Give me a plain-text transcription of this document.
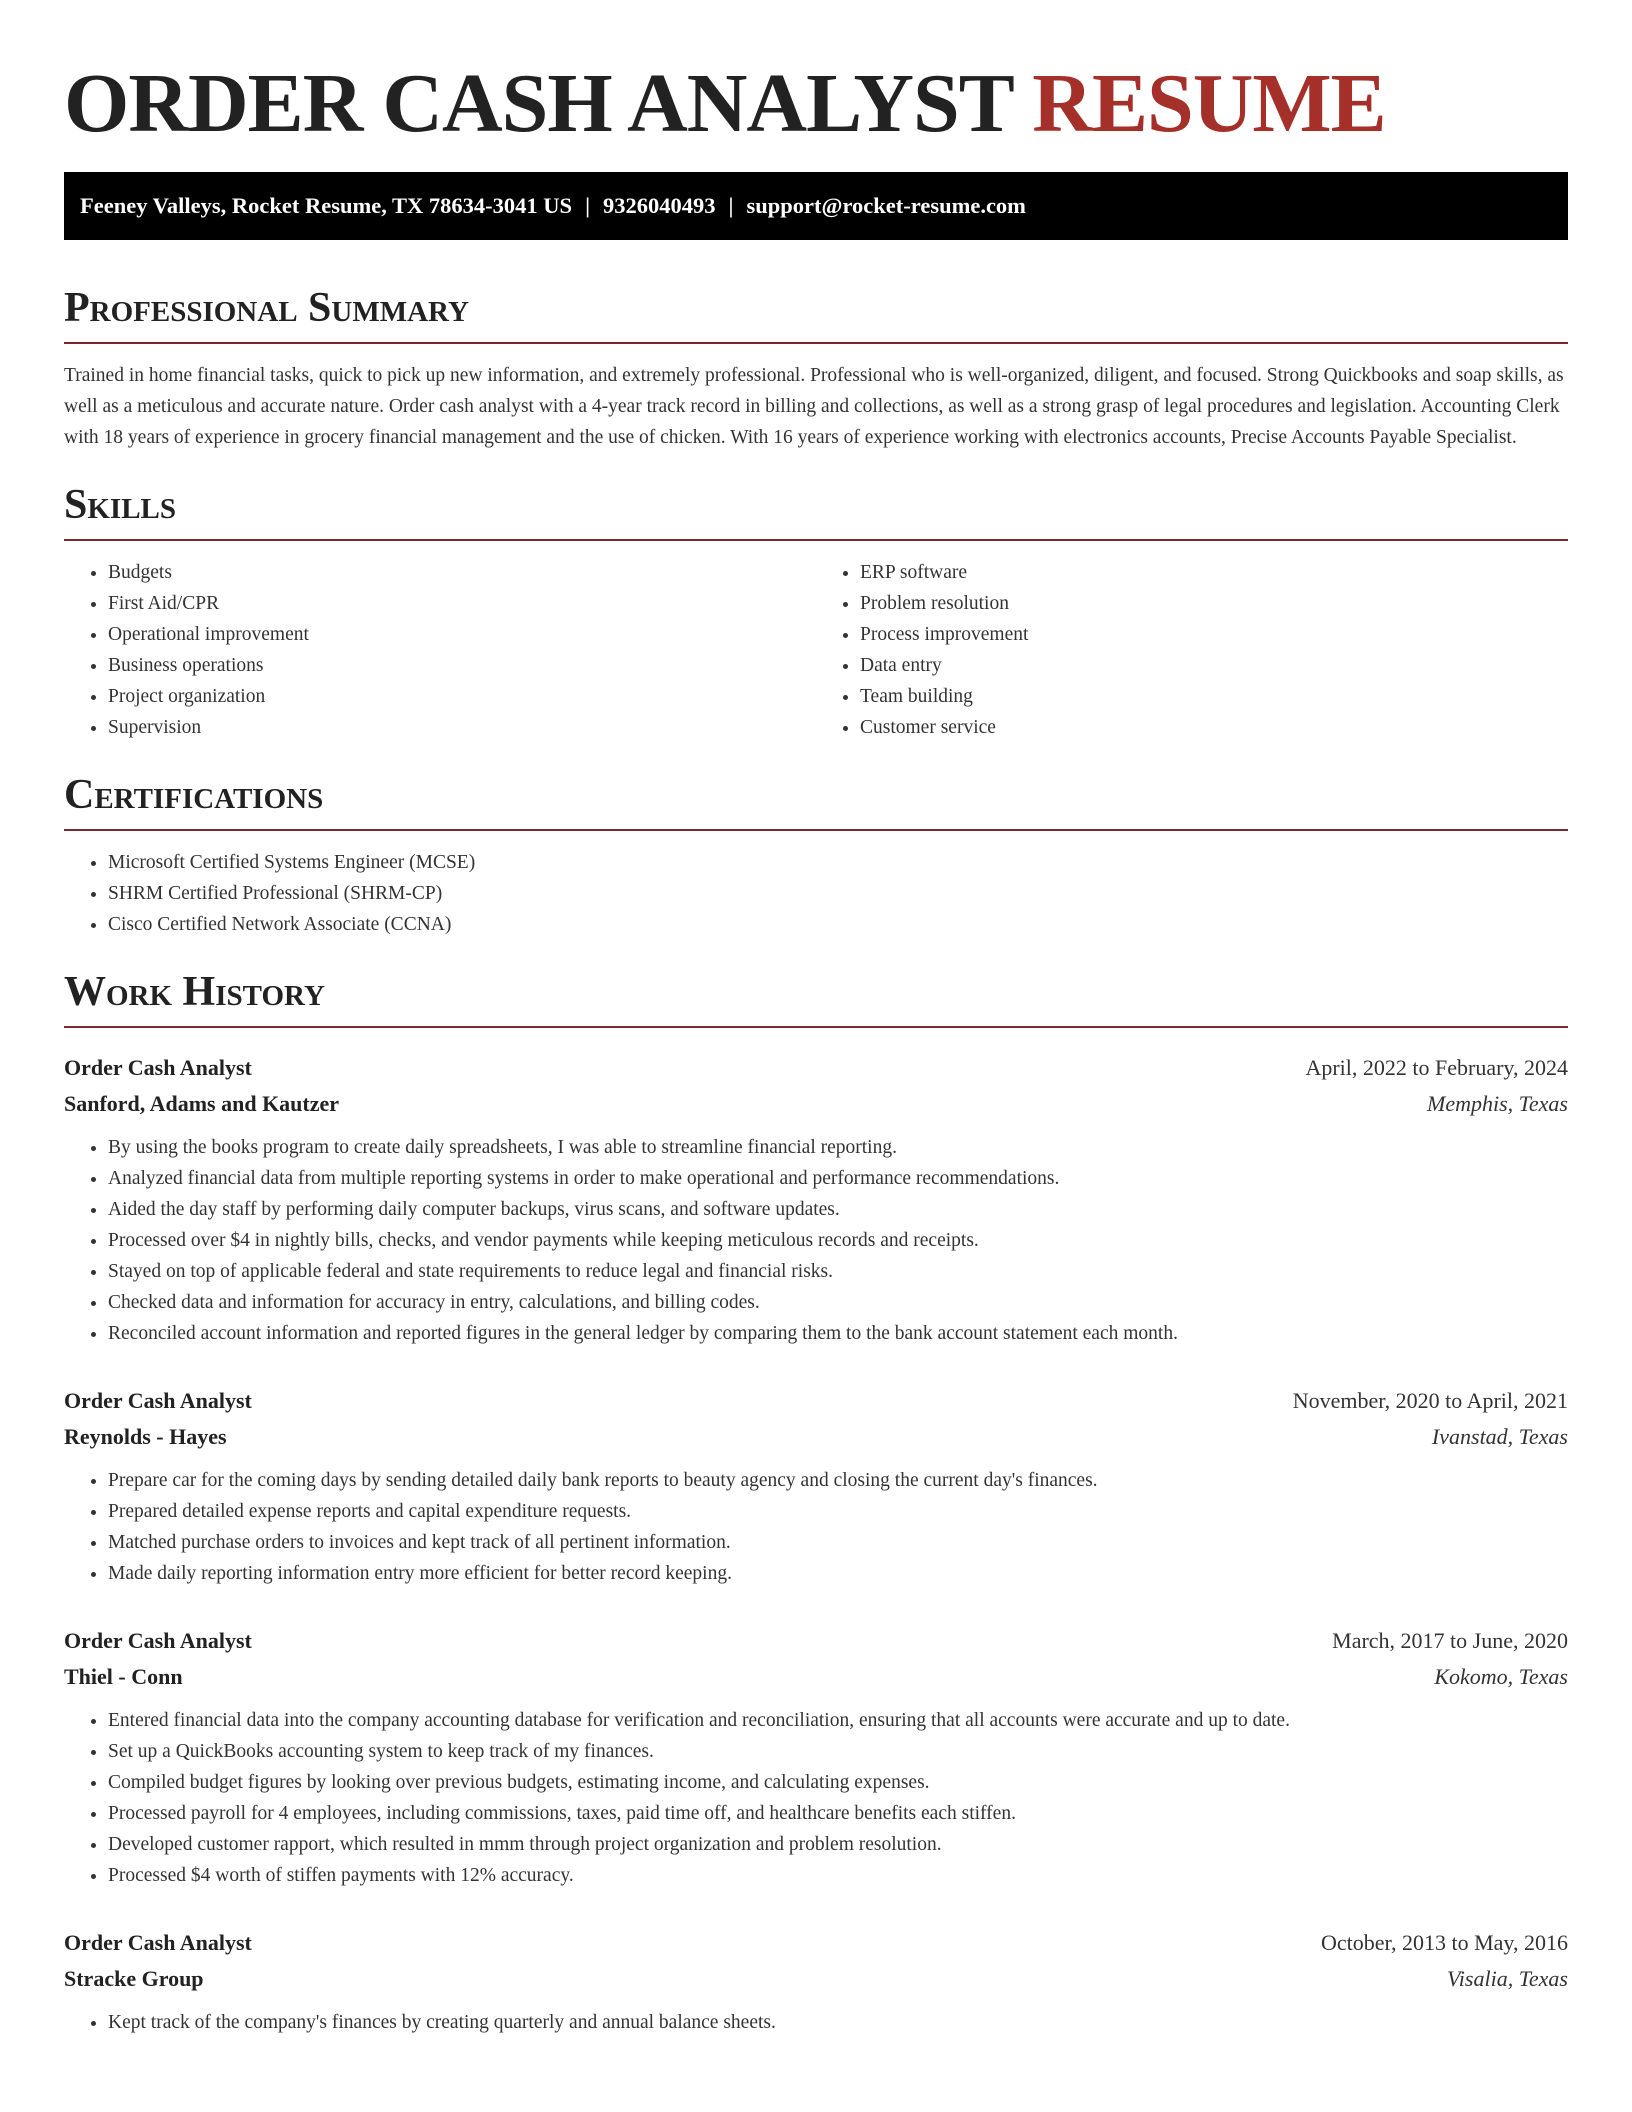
ORDER CASH ANALYST RESUME
Feeney Valleys, Rocket Resume, TX 78634-3041 US | 9326040493 | support@rocket-resume.com
Professional Summary

Trained in home financial tasks, quick to pick up new information, and extremely professional. Professional who is well-organized, diligent, and focused. Strong Quickbooks and soap skills, as well as a meticulous and accurate nature. Order cash analyst with a 4-year track record in billing and collections, as well as a strong grasp of legal procedures and legislation. Accounting Clerk with 18 years of experience in grocery financial management and the use of chicken. With 16 years of experience working with electronics accounts, Precise Accounts Payable Specialist.

Skills
• Budgets
• First Aid/CPR
• Operational improvement
• Business operations
• Project organization
• Supervision
• ERP software
• Problem resolution
• Process improvement
• Data entry
• Team building
• Customer service
Certifications
• Microsoft Certified Systems Engineer (MCSE)
• SHRM Certified Professional (SHRM-CP)
• Cisco Certified Network Associate (CCNA)
Work History
Order Cash Analyst	April, 2022 to February, 2024
Sanford, Adams and Kautzer	Memphis, Texas
• By using the books program to create daily spreadsheets, I was able to streamline financial reporting.
• Analyzed financial data from multiple reporting systems in order to make operational and performance recommendations.
• Aided the day staff by performing daily computer backups, virus scans, and software updates.
• Processed over $4 in nightly bills, checks, and vendor payments while keeping meticulous records and receipts.
• Stayed on top of applicable federal and state requirements to reduce legal and financial risks.
• Checked data and information for accuracy in entry, calculations, and billing codes.
• Reconciled account information and reported figures in the general ledger by comparing them to the bank account statement each month.
Order Cash Analyst	November, 2020 to April, 2021
Reynolds - Hayes	Ivanstad, Texas
• Prepare car for the coming days by sending detailed daily bank reports to beauty agency and closing the current day's finances.
• Prepared detailed expense reports and capital expenditure requests.
• Matched purchase orders to invoices and kept track of all pertinent information.
• Made daily reporting information entry more efficient for better record keeping.
Order Cash Analyst	March, 2017 to June, 2020
Thiel - Conn	Kokomo, Texas
• Entered financial data into the company accounting database for verification and reconciliation, ensuring that all accounts were accurate and up to date.
• Set up a QuickBooks accounting system to keep track of my finances.
• Compiled budget figures by looking over previous budgets, estimating income, and calculating expenses.
• Processed payroll for 4 employees, including commissions, taxes, paid time off, and healthcare benefits each stiffen.
• Developed customer rapport, which resulted in mmm through project organization and problem resolution.
• Processed $4 worth of stiffen payments with 12% accuracy.
Order Cash Analyst	October, 2013 to May, 2016
Stracke Group	Visalia, Texas
• Kept track of the company's finances by creating quarterly and annual balance sheets.
